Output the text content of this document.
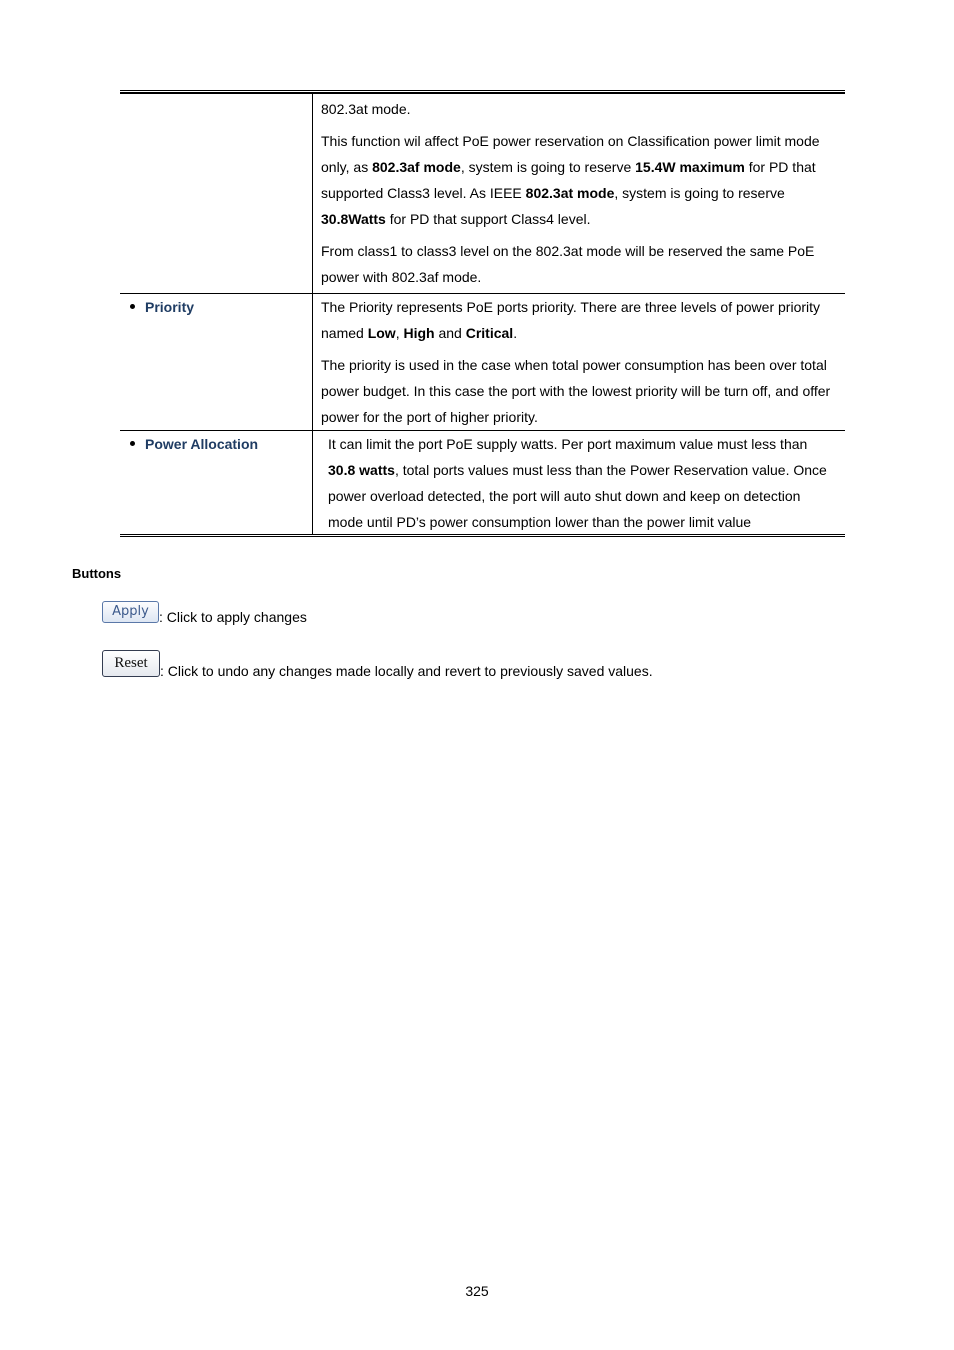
802.3at mode.

This function wil affect PoE power reservation on Classification power limit mode only, as 802.3af mode, system is going to reserve 15.4W maximum for PD that supported Class3 level. As IEEE 802.3at mode, system is going to reserve 30.8Watts for PD that support Class4 level.

From class1 to class3 level on the 802.3at mode will be reserved the same PoE power with 802.3af mode.

Priority	The Priority represents PoE ports priority. There are three levels of power priority named Low, High and Critical.

The priority is used in the case when total power consumption has been over total power budget. In this case the port with the lowest priority will be turn off, and offer power for the port of higher priority.

Power Allocation	It can limit the port PoE supply watts. Per port maximum value must less than 30.8 watts, total ports values must less than the Power Reservation value. Once power overload detected, the port will auto shut down and keep on detection mode until PD’s power consumption lower than the power limit value

Buttons
Apply : Click to apply changes
Reset : Click to undo any changes made locally and revert to previously saved values.
325
